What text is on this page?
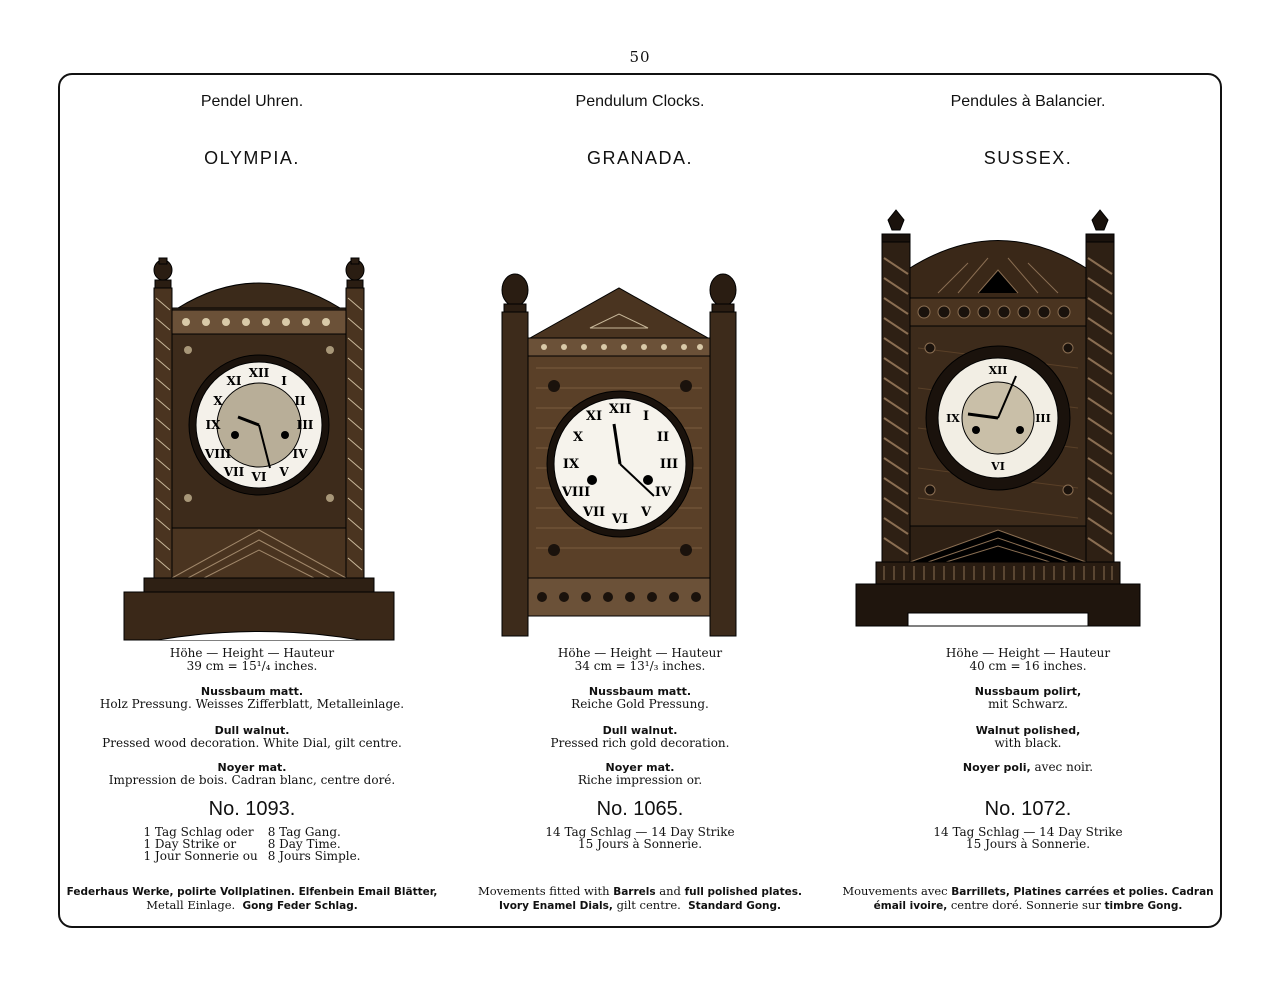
50
Pendel Uhren.
OLYMPIA.
XII
III
VI
IX
I
II
IV
V
VII
VIII
X
XI
Höhe — Height — Hauteur
39 cm = 15¹/₄ inches.
Nussbaum matt.
Holz Pressung. Weisses Zifferblatt, Metalleinlage.
Dull walnut.
Pressed wood decoration. White Dial, gilt centre.
Noyer mat.
Impression de bois. Cadran blanc, centre doré.
No. 1093.
1 Tag Schlag oder	8 Tag Gang.
1 Day Strike or	8 Day Time.
1 Jour Sonnerie ou 8 Jours Simple.
Federhaus Werke, polirte Vollplatinen. Elfenbein Email Blätter,
Metall Einlage. Gong Feder Schlag.
Pendulum Clocks.
GRANADA.
XII
III
VI
IX
I
II
IV
V
VII
VIII
X
XI
Höhe — Height — Hauteur
34 cm = 13¹/₃ inches.
Nussbaum matt.
Reiche Gold Pressung.
Dull walnut.
Pressed rich gold decoration.
Noyer mat.
Riche impression or.
No. 1065.
14 Tag Schlag — 14 Day Strike
15 Jours à Sonnerie.
Movements fitted with Barrels and full polished plates.
Ivory Enamel Dials, gilt centre. Standard Gong.
Pendules à Balancier.
SUSSEX.
XII
III
VI
IX
Höhe — Height — Hauteur
40 cm = 16 inches.
Nussbaum polirt,
mit Schwarz.
Walnut polished,
with black.
Noyer poli, avec noir.
No. 1072.
14 Tag Schlag — 14 Day Strike
15 Jours à Sonnerie.
Mouvements avec Barrillets, Platines carrées et polies. Cadran
émail ivoire, centre doré. Sonnerie sur timbre Gong.
